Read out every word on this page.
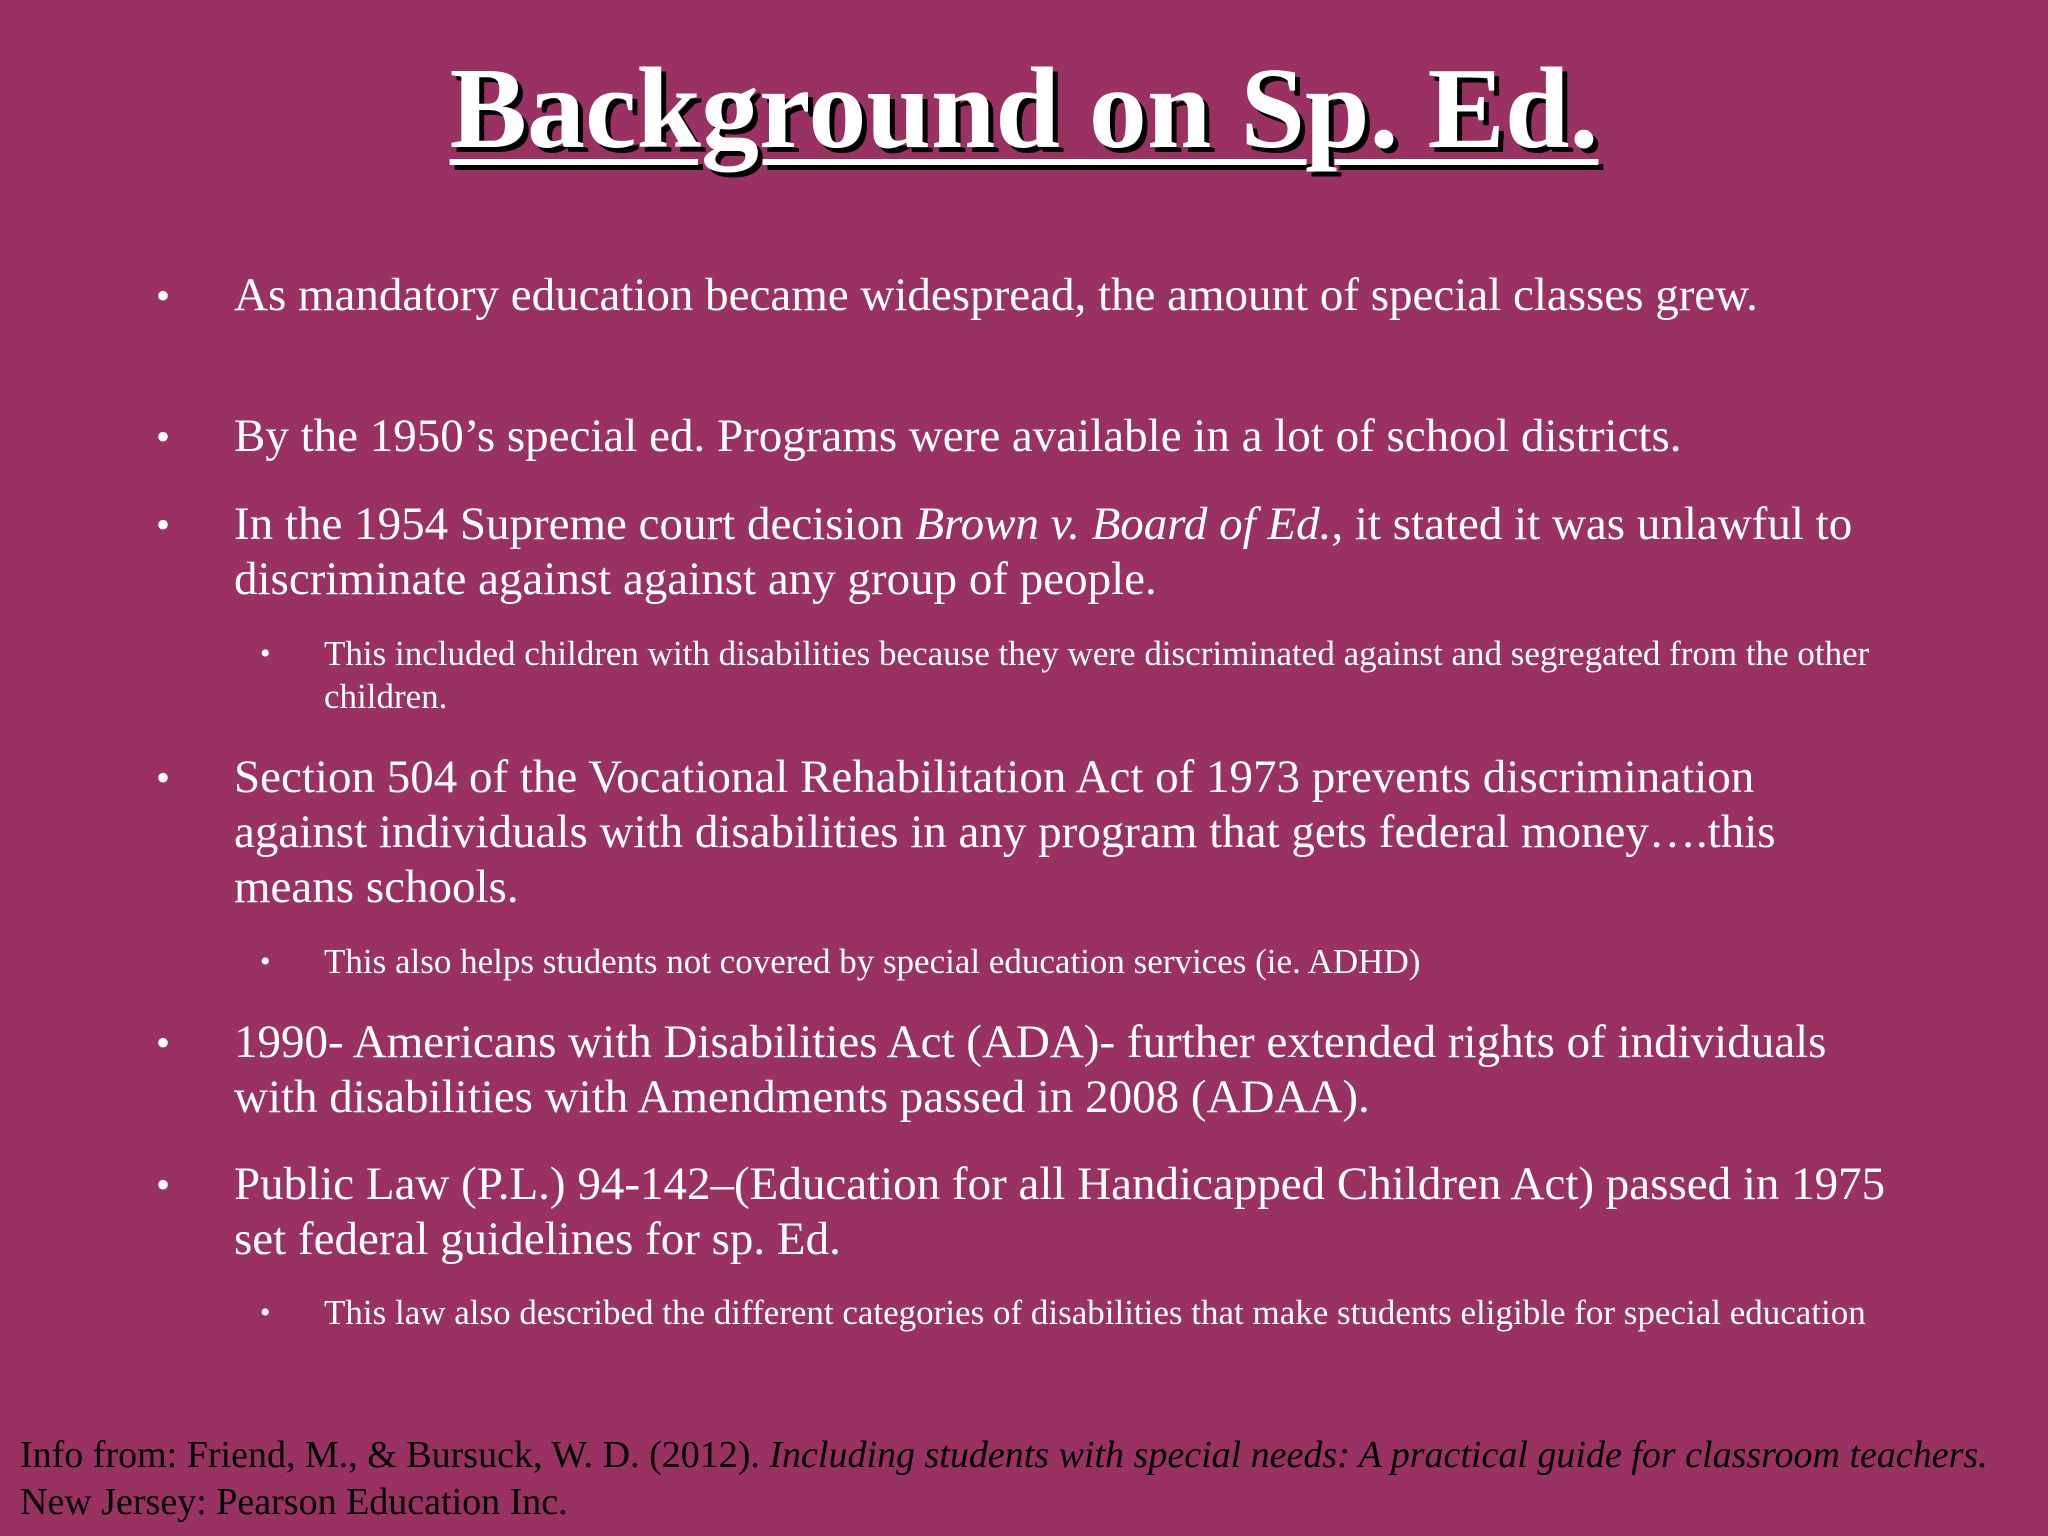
Background on Sp. Ed.
• As mandatory education became widespread, the amount of special classes grew.
• By the 1950’s special ed. Programs were available in a lot of school districts.
• In the 1954 Supreme court decision Brown v. Board of Ed., it stated it was unlawful to discriminate against against any group of people.
• This included children with disabilities because they were discriminated against and segregated from the other children.
• Section 504 of the Vocational Rehabilitation Act of 1973 prevents discrimination against individuals with disabilities in any program that gets federal money….this means schools.
• This also helps students not covered by special education services (ie. ADHD)
• 1990- Americans with Disabilities Act (ADA)- further extended rights of individuals with disabilities with Amendments passed in 2008 (ADAA).
• Public Law (P.L.) 94-142–(Education for all Handicapped Children Act) passed in 1975 set federal guidelines for sp. Ed.
• This law also described the different categories of disabilities that make students eligible for special education
Info from: Friend, M., & Bursuck, W. D. (2012). Including students with special needs: A practical guide for classroom teachers. New Jersey: Pearson Education Inc.
